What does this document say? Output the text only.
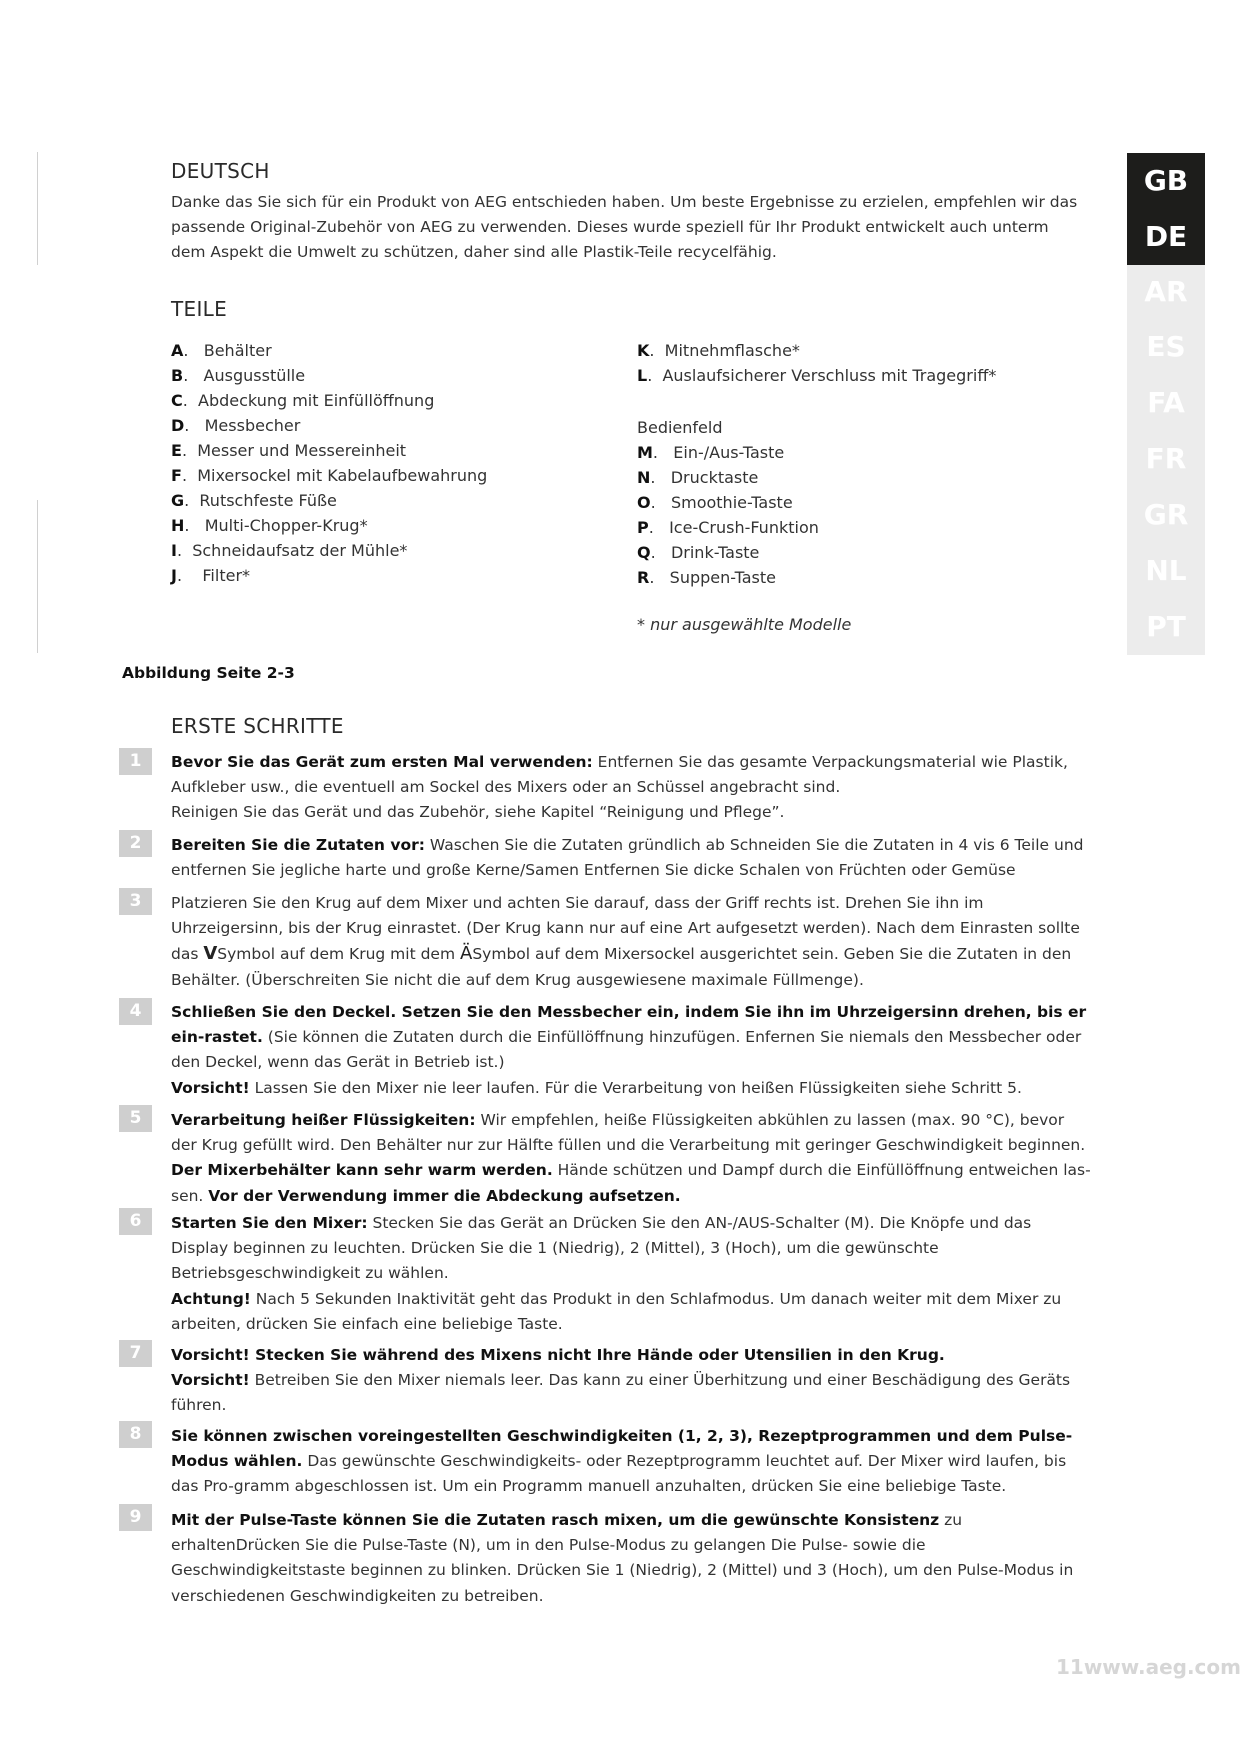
GB
DE
AR
ES
FA
FR
GR
NL
PT
DEUTSCH

Danke das Sie sich für ein Produkt von AEG entschieden haben. Um beste Ergebnisse zu erzielen, empfehlen wir das passende Original-Zubehör von AEG zu verwenden. Dieses wurde speziell für Ihr Produkt entwickelt auch unterm dem Aspekt die Umwelt zu schützen, daher sind alle Plastik-Teile recycelfähig.

TEILE
A.   Behälter
B.   Ausgusstülle
C.  Abdeckung mit Einfüllöffnung
D.   Messbecher
E.  Messer und Messereinheit
F.  Mixersockel mit Kabelaufbewahrung
G.  Rutschfeste Füße
H.   Multi-Chopper-Krug*
I.  Schneidaufsatz der Mühle*
J.    Filter*
K.  Mitnehmflasche*
L.  Auslaufsicherer Verschluss mit Tragegriff*
Bedienfeld
M.   Ein-/Aus-Taste
N.   Drucktaste
O.   Smoothie-Taste
P.   Ice-Crush-Funktion
Q.   Drink-Taste
R.   Suppen-Taste
* nur ausgewählte Modelle
Abbildung Seite 2-3
ERSTE SCHRITTE
1	Bevor Sie das Gerät zum ersten Mal verwenden: Entfernen Sie das gesamte Verpackungsmaterial wie Plastik, Aufkleber usw., die eventuell am Sockel des Mixers oder an Schüssel angebracht sind.
Reinigen Sie das Gerät und das Zubehör, siehe Kapitel “Reinigung und Pflege”.

2	Bereiten Sie die Zutaten vor: Waschen Sie die Zutaten gründlich ab Schneiden Sie die Zutaten in 4 vis 6 Teile und entfernen Sie jegliche harte und große Kerne/Samen Entfernen Sie dicke Schalen von Früchten oder Gemüse

3	Platzieren Sie den Krug auf dem Mixer und achten Sie darauf, dass der Griff rechts ist. Drehen Sie ihn im Uhrzeigersinn, bis der Krug einrastet. (Der Krug kann nur auf eine Art aufgesetzt werden). Nach dem Einrasten sollte das VSymbol auf dem Krug mit dem ÄSymbol auf dem Mixersockel ausgerichtet sein. Geben Sie die Zutaten in den Behälter. (Überschreiten Sie nicht die auf dem Krug ausgewiesene maximale Füllmenge).

4	Schließen Sie den Deckel. Setzen Sie den Messbecher ein, indem Sie ihn im Uhrzeigersinn drehen, bis er ein-rastet. (Sie können die Zutaten durch die Einfüllöffnung hinzufügen. Enfernen Sie niemals den Messbecher oder den Deckel, wenn das Gerät in Betrieb ist.)
Vorsicht! Lassen Sie den Mixer nie leer laufen. Für die Verarbeitung von heißen Flüssigkeiten siehe Schritt 5.

5	Verarbeitung heißer Flüssigkeiten: Wir empfehlen, heiße Flüssigkeiten abkühlen zu lassen (max. 90 °C), bevor der Krug gefüllt wird. Den Behälter nur zur Hälfte füllen und die Verarbeitung mit geringer Geschwindigkeit beginnen. Der Mixerbehälter kann sehr warm werden. Hände schützen und Dampf durch die Einfüllöffnung entweichen las-sen. Vor der Verwendung immer die Abdeckung aufsetzen.

6	Starten Sie den Mixer: Stecken Sie das Gerät an Drücken Sie den AN-/AUS-Schalter (M). Die Knöpfe und das Display beginnen zu leuchten. Drücken Sie die 1 (Niedrig), 2 (Mittel), 3 (Hoch), um die gewünschte Betriebsgeschwindigkeit zu wählen.
Achtung! Nach 5 Sekunden Inaktivität geht das Produkt in den Schlafmodus. Um danach weiter mit dem Mixer zu arbeiten, drücken Sie einfach eine beliebige Taste.

7	Vorsicht! Stecken Sie während des Mixens nicht Ihre Hände oder Utensilien in den Krug.
Vorsicht! Betreiben Sie den Mixer niemals leer. Das kann zu einer Überhitzung und einer Beschädigung des Geräts führen.

8	Sie können zwischen voreingestellten Geschwindigkeiten (1, 2, 3), Rezeptprogrammen und dem Pulse-Modus wählen. Das gewünschte Geschwindigkeits- oder Rezeptprogramm leuchtet auf. Der Mixer wird laufen, bis das Pro-gramm abgeschlossen ist. Um ein Programm manuell anzuhalten, drücken Sie eine beliebige Taste.

9	Mit der Pulse-Taste können Sie die Zutaten rasch mixen, um die gewünschte Konsistenz zu erhaltenDrücken Sie die Pulse-Taste (N), um in den Pulse-Modus zu gelangen Die Pulse- sowie die Geschwindigkeitstaste beginnen zu blinken. Drücken Sie 1 (Niedrig), 2 (Mittel) und 3 (Hoch), um den Pulse-Modus in verschiedenen Geschwindigkeiten zu betreiben.

11www.aeg.com
